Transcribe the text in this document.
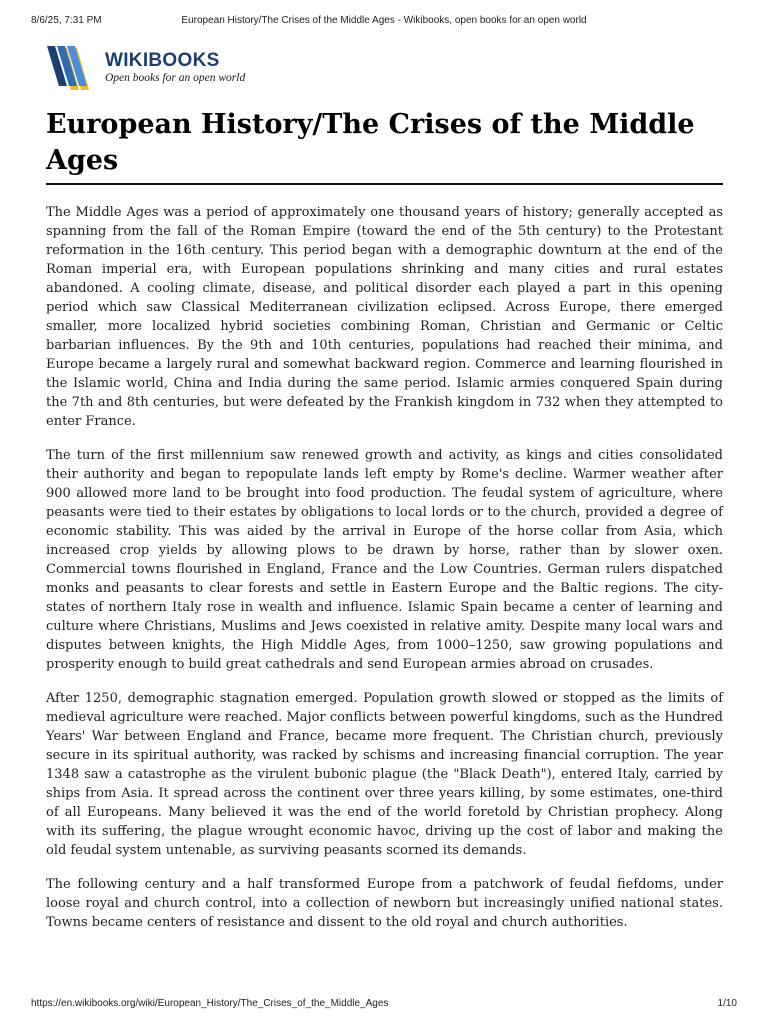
8/6/25, 7:31 PM	European History/The Crises of the Middle Ages - Wikibooks, open books for an open world
WIKIBOOKS
Open books for an open world
European History/The Crises of the Middle Ages

The Middle Ages was a period of approximately one thousand years of history; generally accepted as spanning from the fall of the Roman Empire (toward the end of the 5th century) to the Protestant reformation in the 16th century. This period began with a demographic downturn at the end of the Roman imperial era, with European populations shrinking and many cities and rural estates abandoned. A cooling climate, disease, and political disorder each played a part in this opening period which saw Classical Mediterranean civilization eclipsed. Across Europe, there emerged smaller, more localized hybrid societies combining Roman, Christian and Germanic or Celtic barbarian influences. By the 9th and 10th centuries, populations had reached their minima, and Europe became a largely rural and somewhat backward region. Commerce and learning flourished in the Islamic world, China and India during the same period. Islamic armies conquered Spain during the 7th and 8th centuries, but were defeated by the Frankish kingdom in 732 when they attempted to enter France.

The turn of the first millennium saw renewed growth and activity, as kings and cities consolidated their authority and began to repopulate lands left empty by Rome's decline. Warmer weather after 900 allowed more land to be brought into food production. The feudal system of agriculture, where peasants were tied to their estates by obligations to local lords or to the church, provided a degree of economic stability. This was aided by the arrival in Europe of the horse collar from Asia, which increased crop yields by allowing plows to be drawn by horse, rather than by slower oxen. Commercial towns flourished in England, France and the Low Countries. German rulers dispatched monks and peasants to clear forests and settle in Eastern Europe and the Baltic regions. The city-states of northern Italy rose in wealth and influence. Islamic Spain became a center of learning and culture where Christians, Muslims and Jews coexisted in relative amity. Despite many local wars and disputes between knights, the High Middle Ages, from 1000–1250, saw growing populations and prosperity enough to build great cathedrals and send European armies abroad on crusades.

After 1250, demographic stagnation emerged. Population growth slowed or stopped as the limits of medieval agriculture were reached. Major conflicts between powerful kingdoms, such as the Hundred Years' War between England and France, became more frequent. The Christian church, previously secure in its spiritual authority, was racked by schisms and increasing financial corruption. The year 1348 saw a catastrophe as the virulent bubonic plague (the "Black Death"), entered Italy, carried by ships from Asia. It spread across the continent over three years killing, by some estimates, one-third of all Europeans. Many believed it was the end of the world foretold by Christian prophecy. Along with its suffering, the plague wrought economic havoc, driving up the cost of labor and making the old feudal system untenable, as surviving peasants scorned its demands.

The following century and a half transformed Europe from a patchwork of feudal fiefdoms, under loose royal and church control, into a collection of newborn but increasingly unified national states. Towns became centers of resistance and dissent to the old royal and church authorities.

https://en.wikibooks.org/wiki/European_History/The_Crises_of_the_Middle_Ages	1/10
